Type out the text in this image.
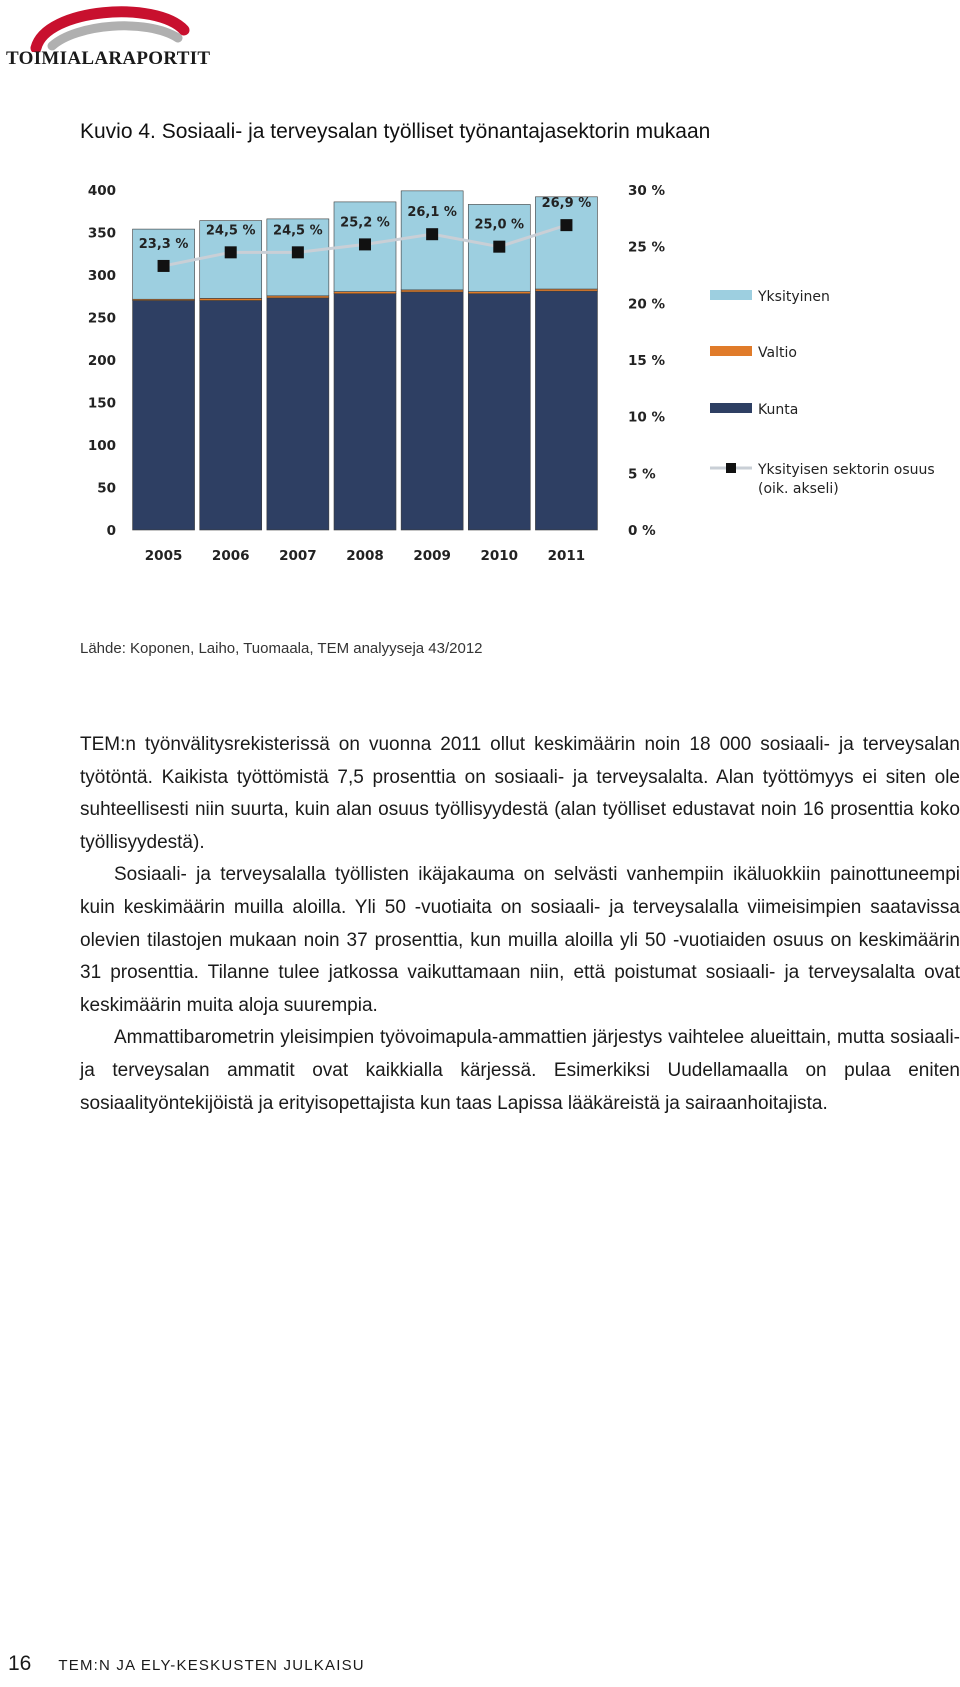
TOIMIALARAPORTIT
Kuvio 4. Sosiaali- ja terveysalan työlliset työnantajasektorin mukaan
0
50
100
150
200
250
300
350
400
0 %
5 %
10 %
15 %
20 %
25 %
30 %
23,3 %
24,5 % 24,5 %
25,2 %
26,1 %
25,0 %
26,9 %
2005 2006 2007 2008 2009 2010 2011
Yksityinen
Valtio
Kunta
Yksityisen sektorin osuus
(oik. akseli)
Lähde: Koponen, Laiho, Tuomaala, TEM analyyseja 43/2012

TEM:n työnvälitysrekisterissä on vuonna 2011 ollut keskimäärin noin 18 000 sosiaali- ja terveysalan työtöntä. Kaikista työttömistä 7,5 prosenttia on sosiaali- ja terveysalalta. Alan työttömyys ei siten ole suhteellisesti niin suurta, kuin alan osuus työllisyydestä (alan työlliset edustavat noin 16 prosenttia koko työllisyydestä).

Sosiaali- ja terveysalalla työllisten ikäjakauma on selvästi vanhempiin ikäluokkiin painottuneempi kuin keskimäärin muilla aloilla. Yli 50 -vuotiaita on sosiaali- ja terveysalalla viimeisimpien saatavissa olevien tilastojen mukaan noin 37 prosenttia, kun muilla aloilla yli 50 -vuotiaiden osuus on keskimäärin 31 prosenttia. Tilanne tulee jatkossa vaikuttamaan niin, että poistumat sosiaali- ja terveysalalta ovat keskimäärin muita aloja suurempia.

Ammattibarometrin yleisimpien työvoimapula-ammattien järjestys vaihtelee alueittain, mutta sosiaali- ja terveysalan ammatit ovat kaikkialla kärjessä. Esimerkiksi Uudellamaalla on pulaa eniten sosiaalityöntekijöistä ja erityisopettajista kun taas Lapissa lääkäreistä ja sairaanhoitajista.

16 TEM:N JA ELY-KESKUSTEN JULKAISU
